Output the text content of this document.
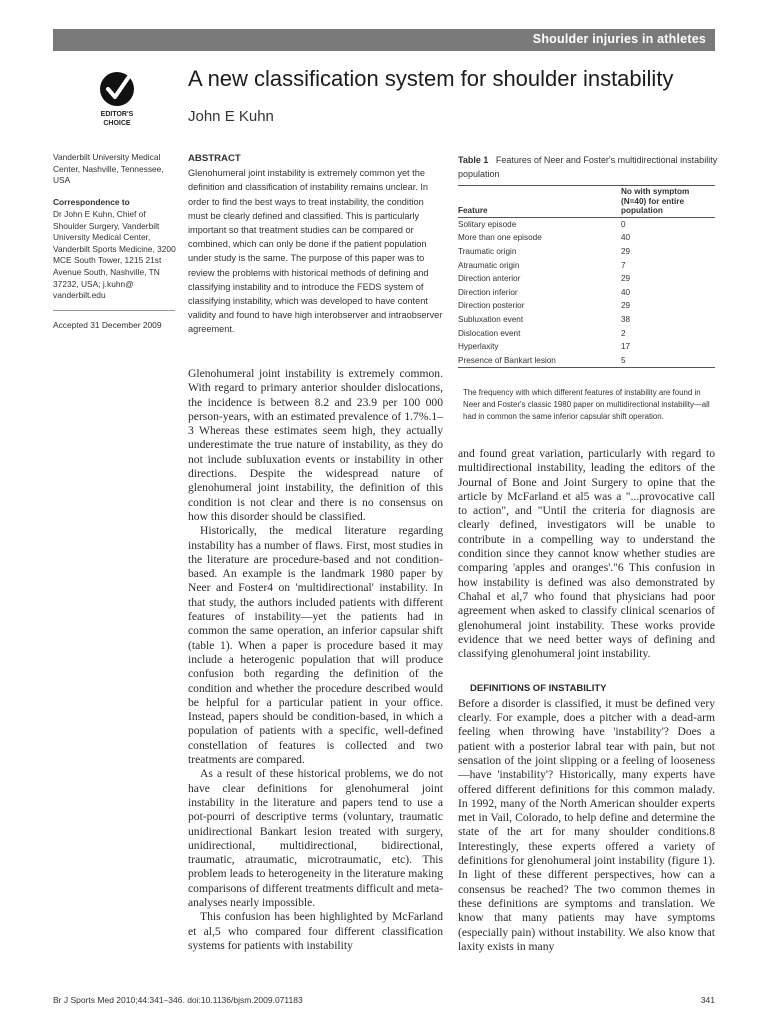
Shoulder injuries in athletes
EDITOR'S
CHOICE
A new classification system for shoulder instability
John E Kuhn
Vanderbilt University Medical Center, Nashville, Tennessee, USA
Correspondence to
Dr John E Kuhn, Chief of Shoulder Surgery, Vanderbilt University Medical Center, Vanderbilt Sports Medicine, 3200 MCE South Tower, 1215 21st Avenue South, Nashville, TN 37232, USA; j.kuhn@ vanderbilt.edu
Accepted 31 December 2009
ABSTRACT
Glenohumeral joint instability is extremely common yet the definition and classification of instability remains unclear. In order to find the best ways to treat instability, the condition must be clearly defined and classified. This is particularly important so that treatment studies can be compared or combined, which can only be done if the patient population under study is the same. The purpose of this paper was to review the problems with historical methods of defining and classifying instability and to introduce the FEDS system of classifying instability, which was developed to have content validity and found to have high interobserver and intraobserver agreement.
Table 1 Features of Neer and Foster's multidirectional instability population
Feature	No with symptom (N=40) for entire population
Solitary episode	0
More than one episode	40
Traumatic origin	29
Atraumatic origin	7
Direction anterior	29
Direction inferior	40
Direction posterior	29
Subluxation event	38
Dislocation event	2
Hyperlaxity	17
Presence of Bankart lesion	5
The frequency with which different features of instability are found in Neer and Foster's classic 1980 paper on multidirectional instability—all had in common the same inferior capsular shift operation.

Glenohumeral joint instability is extremely common. With regard to primary anterior shoulder dislocations, the incidence is between 8.2 and 23.9 per 100 000 person-years, with an estimated prevalence of 1.7%.1–3 Whereas these estimates seem high, they actually underestimate the true nature of instability, as they do not include subluxation events or instability in other directions. Despite the widespread nature of glenohumeral joint instability, the definition of this condition is not clear and there is no consensus on how this disorder should be classified.

Historically, the medical literature regarding instability has a number of flaws. First, most studies in the literature are procedure-based and not condition-based. An example is the landmark 1980 paper by Neer and Foster4 on 'multidirectional' instability. In that study, the authors included patients with different features of instability—yet the patients had in common the same operation, an inferior capsular shift (table 1). When a paper is procedure based it may include a heterogenic population that will produce confusion both regarding the definition of the condition and whether the procedure described would be helpful for a particular patient in your office. Instead, papers should be condition-based, in which a population of patients with a specific, well-defined constellation of features is collected and two treatments are compared.

As a result of these historical problems, we do not have clear definitions for glenohumeral joint instability in the literature and papers tend to use a pot-pourri of descriptive terms (voluntary, traumatic unidirectional Bankart lesion treated with surgery, unidirectional, multidirectional, bidirectional, traumatic, atraumatic, microtraumatic, etc). This problem leads to heterogeneity in the literature making comparisons of different treatments difficult and meta-analyses nearly impossible.

This confusion has been highlighted by McFarland et al,5 who compared four different classification systems for patients with instability

and found great variation, particularly with regard to multidirectional instability, leading the editors of the Journal of Bone and Joint Surgery to opine that the article by McFarland et al5 was a "...provocative call to action", and "Until the criteria for diagnosis are clearly defined, investigators will be unable to contribute in a compelling way to understand the condition since they cannot know whether studies are comparing 'apples and oranges'."6 This confusion in how instability is defined was also demonstrated by Chahal et al,7 who found that physicians had poor agreement when asked to classify clinical scenarios of glenohumeral joint instability. These works provide evidence that we need better ways of defining and classifying glenohumeral joint instability.

DEFINITIONS OF INSTABILITY

Before a disorder is classified, it must be defined very clearly. For example, does a pitcher with a dead-arm feeling when throwing have 'instability'? Does a patient with a posterior labral tear with pain, but not sensation of the joint slipping or a feeling of looseness—have 'instability'? Historically, many experts have offered different definitions for this common malady. In 1992, many of the North American shoulder experts met in Vail, Colorado, to help define and determine the state of the art for many shoulder conditions.8 Interestingly, these experts offered a variety of definitions for glenohumeral joint instability (figure 1). In light of these different perspectives, how can a consensus be reached? The two common themes in these definitions are symptoms and translation. We know that many patients may have symptoms (especially pain) without instability. We also know that laxity exists in many

Br J Sports Med 2010;44:341–346. doi:10.1136/bjsm.2009.071183	341
